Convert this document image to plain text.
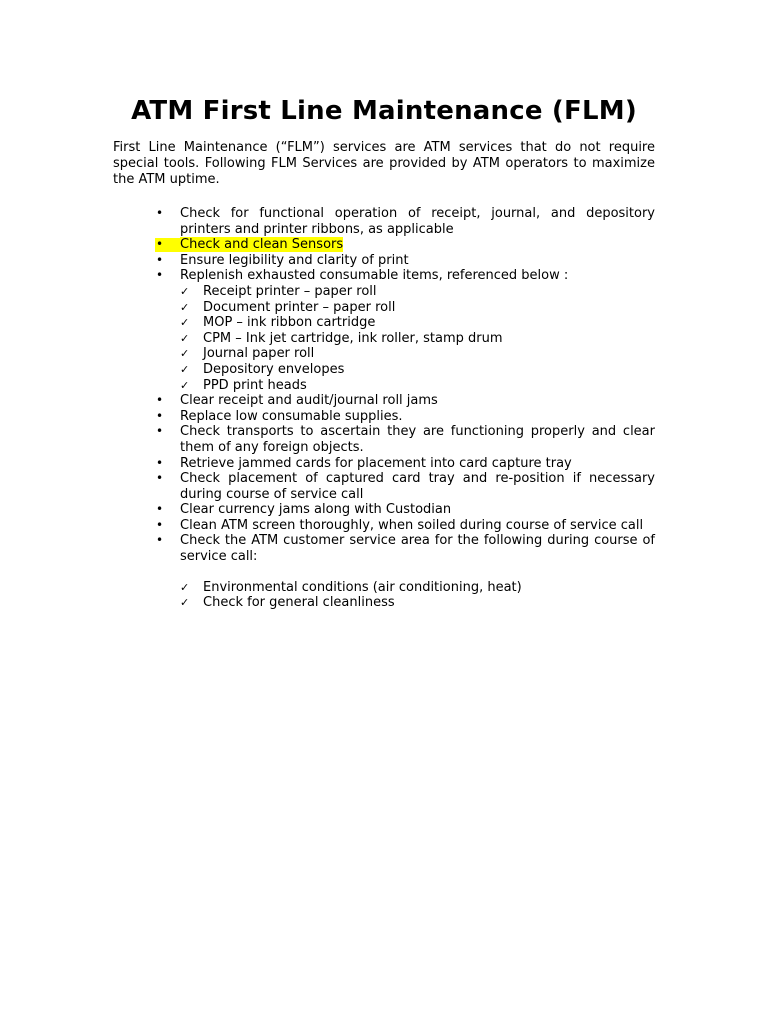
ATM First Line Maintenance (FLM)

First Line Maintenance (“FLM”) services are ATM services that do not require special tools. Following FLM Services are provided by ATM operators to maximize the ATM uptime.

• Check for functional operation of receipt, journal, and depository printers and printer ribbons, as applicable
• Check and clean Sensors
• Ensure legibility and clarity of print
• Replenish exhausted consumable items, referenced below :
✓ Receipt printer – paper roll
✓ Document printer – paper roll
✓ MOP – ink ribbon cartridge
✓ CPM – Ink jet cartridge, ink roller, stamp drum
✓ Journal paper roll
✓ Depository envelopes
✓ PPD print heads
• Clear receipt and audit/journal roll jams
• Replace low consumable supplies.
• Check transports to ascertain they are functioning properly and clear them of any foreign objects.
• Retrieve jammed cards for placement into card capture tray
• Check placement of captured card tray and re-position if necessary during course of service call
• Clear currency jams along with Custodian
• Clean ATM screen thoroughly, when soiled during course of service call
• Check the ATM customer service area for the following during course of service call:
✓ Environmental conditions (air conditioning, heat)
✓ Check for general cleanliness
